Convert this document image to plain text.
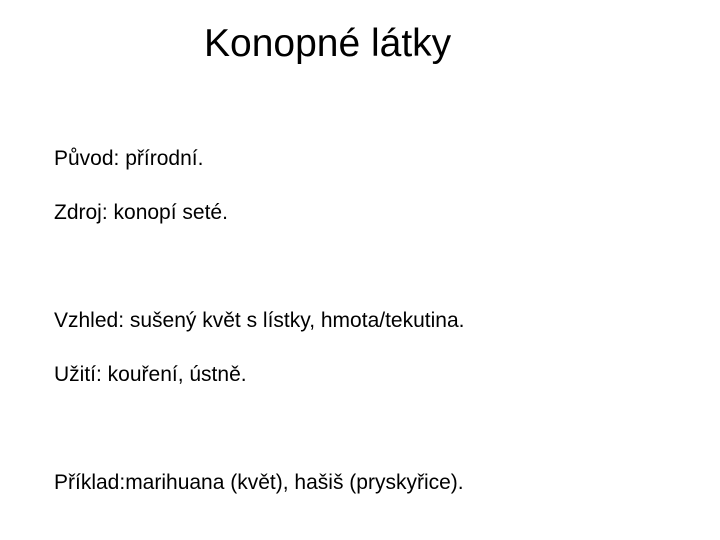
Konopné látky

Původ: přírodní.

Zdroj: konopí seté.

Vzhled: sušený květ s lístky, hmota/tekutina.

Užití: kouření, ústně.

Příklad:marihuana (květ), hašiš (pryskyřice).
